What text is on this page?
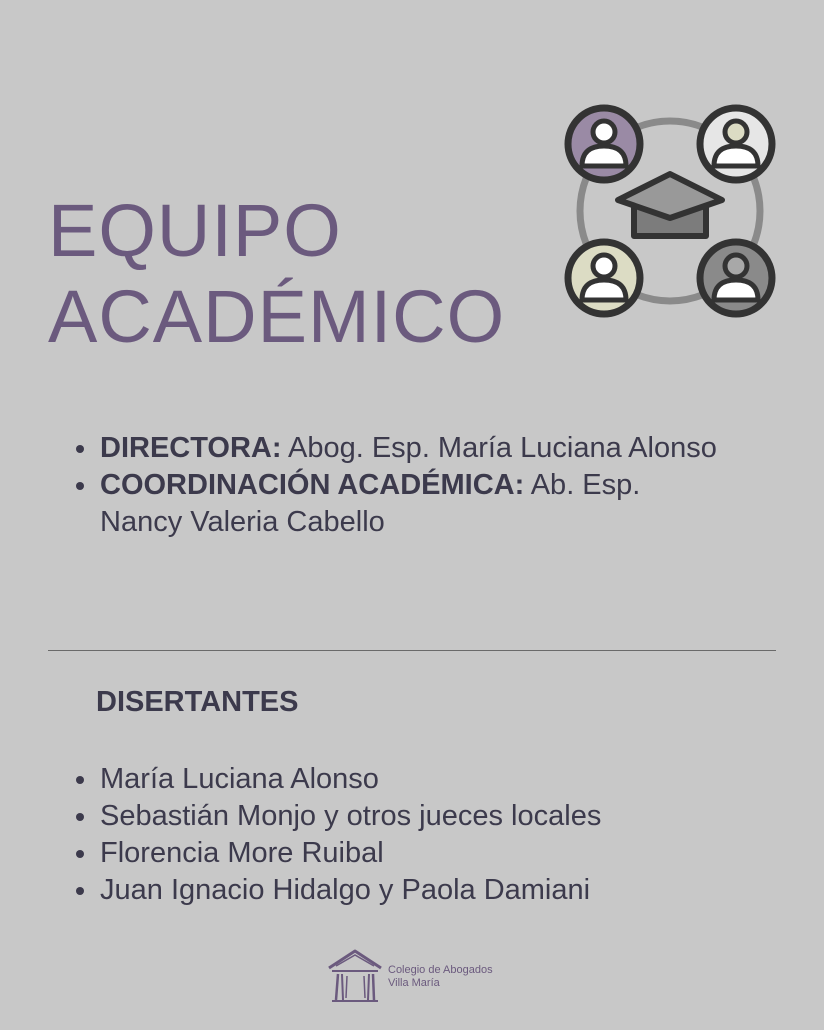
EQUIPO
ACADÉMICO
DIRECTORA: Abog. Esp. María Luciana Alonso
COORDINACIÓN ACADÉMICA: Ab. Esp. Nancy Valeria Cabello
DISERTANTES
María Luciana Alonso
Sebastián Monjo y otros jueces locales
Florencia More Ruibal
Juan Ignacio Hidalgo y Paola Damiani
Colegio de Abogados
Villa María
